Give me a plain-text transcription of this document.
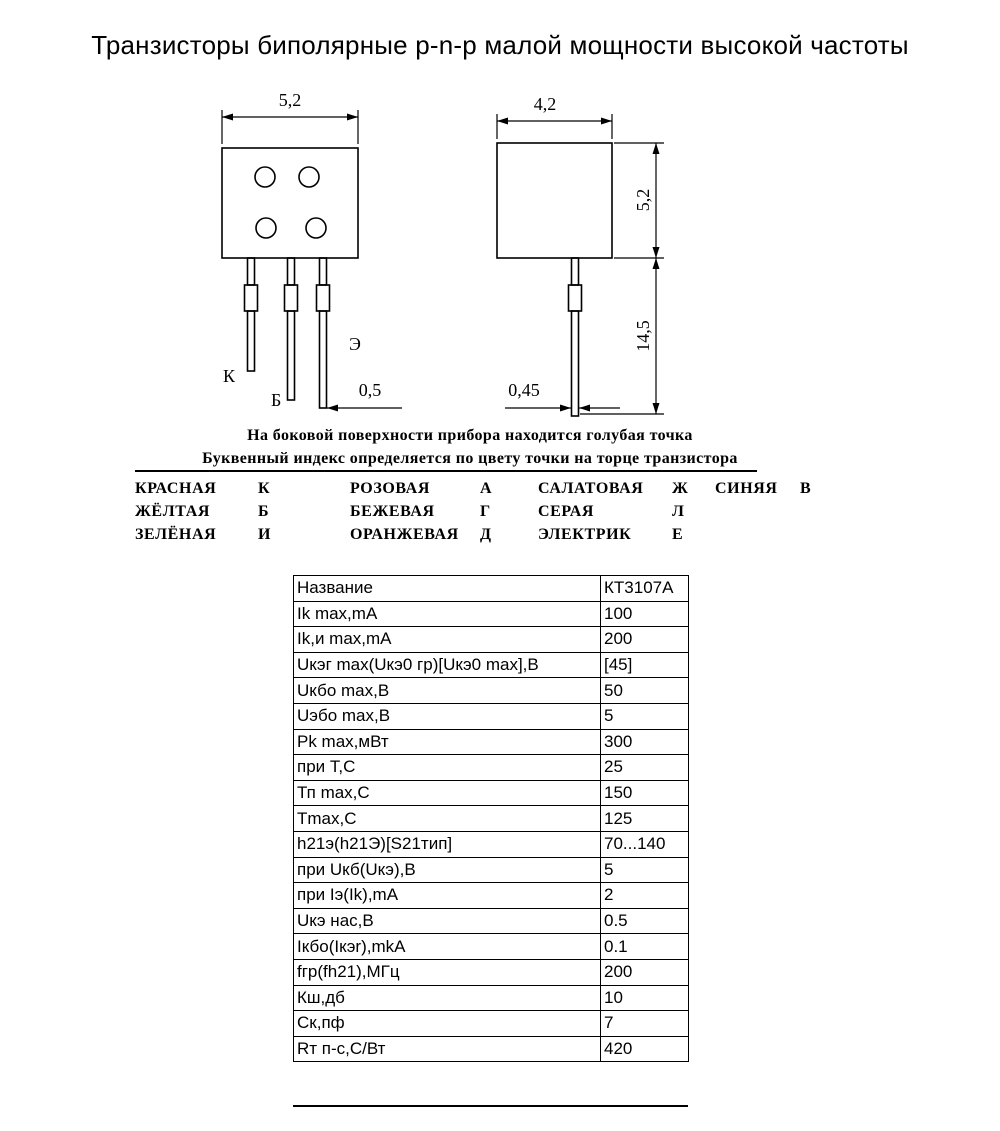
Транзисторы биполярные p-n-p малой мощности высокой частоты
5,2
0,5
Э
К
Б
4,2
5,2
14,5
0,45
На боковой поверхности прибора находится голубая точка
Буквенный индекс определяется по цвету точки на торце транзистора
КРАСНАЯ	К	РОЗОВАЯ	А	САЛАТОВАЯ	Ж	СИНЯЯ	В
ЖЁЛТАЯ	Б	БЕЖЕВАЯ	Г	СЕРАЯ	Л		
ЗЕЛЁНАЯ	И	ОРАНЖЕВАЯ	Д	ЭЛЕКТРИК	Е		
Название	КТ3107А
Ik max,mA	100
Ik,и max,mA	200
Uкэг max(Uкэ0 гр)[Uкэ0 max],В	[45]
Uкбо max,В	50
Uэбо max,В	5
Pk max,мВт	300
при Т,С	25
Тп max,С	150
Tmax,С	125
h21э(h21Э)[S21тип]	70...140
при Uкб(Uкэ),В	5
при Iэ(Ik),mA	2
Uкэ нас,В	0.5
Iкбо(Iкэr),mkA	0.1
fгр(fh21),МГц	200
Кш,дб	10
Ск,пф	7
Rт п-с,С/Вт	420
